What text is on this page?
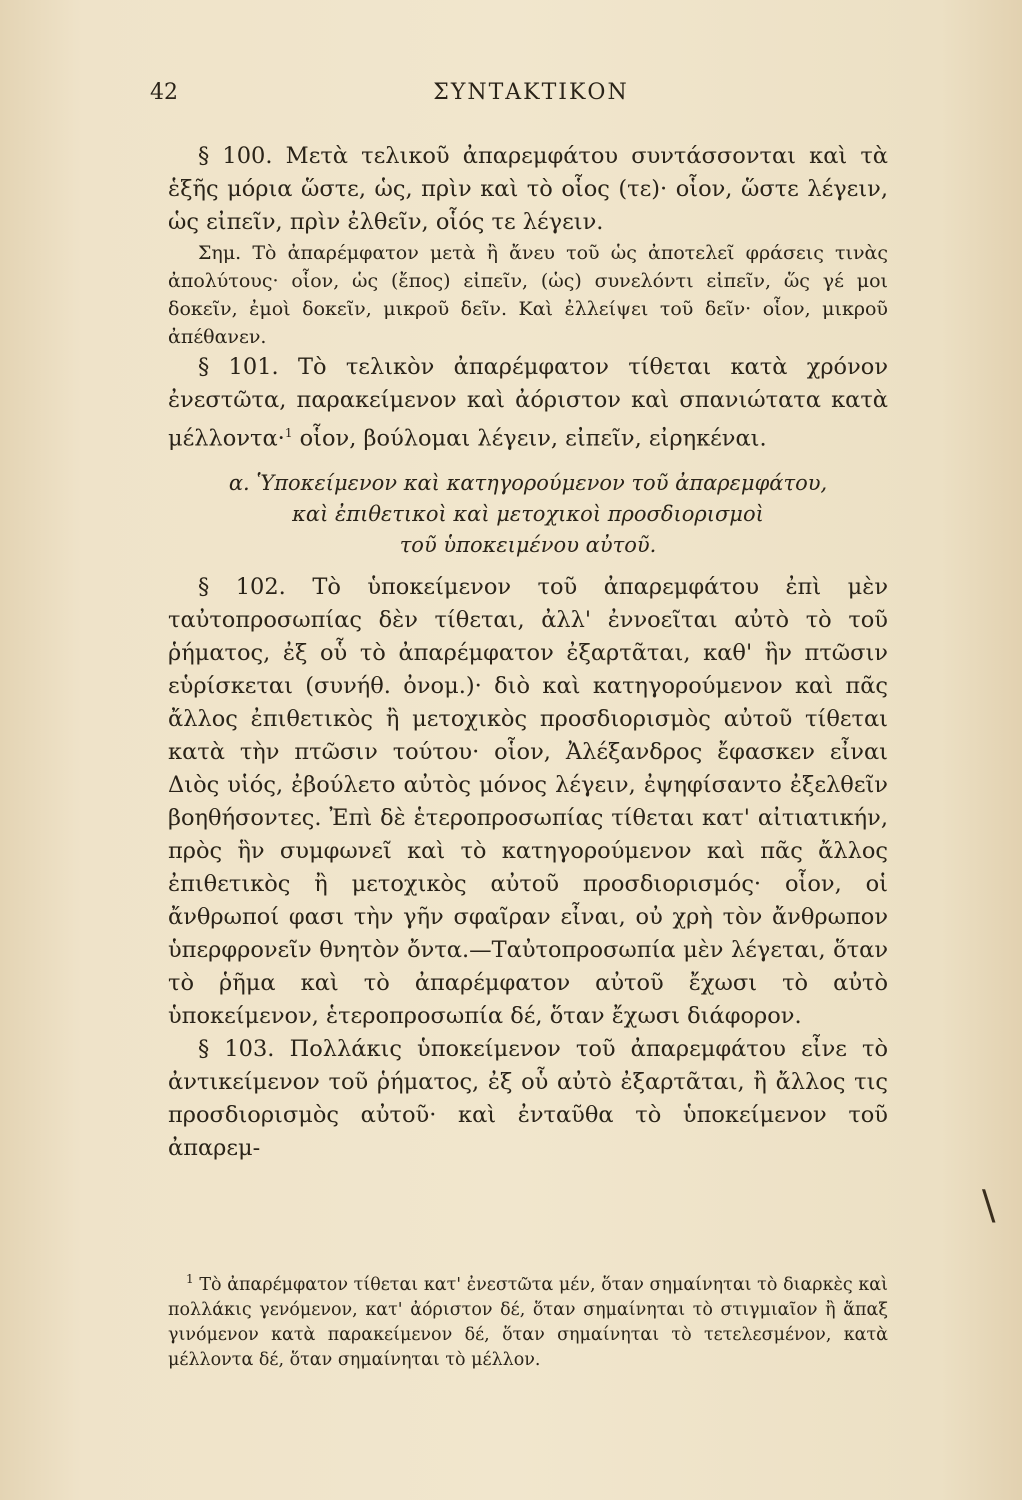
42	ΣΥΝΤΑΚΤΙΚΟΝ

§ 100. Μετὰ τελικοῦ ἀπαρεμφάτου συντάσσονται καὶ τὰ ἑξῆς μόρια ὥστε, ὡς, πρὶν καὶ τὸ οἷος (τε)· οἷον, ὥστε λέγειν, ὡς εἰπεῖν, πρὶν ἐλθεῖν, οἷός τε λέγειν.

Σημ. Τὸ ἀπαρέμφατον μετὰ ἢ ἄνευ τοῦ ὡς ἀποτελεῖ φράσεις τινὰς ἀπολύτους· οἷον, ὡς (ἔπος) εἰπεῖν, (ὡς) συνελόντι εἰπεῖν, ὥς γέ μοι δοκεῖν, ἐμοὶ δοκεῖν, μικροῦ δεῖν. Καὶ ἐλλείψει τοῦ δεῖν· οἷον, μικροῦ ἀπέθανεν.

§ 101. Τὸ τελικὸν ἀπαρέμφατον τίθεται κατὰ χρόνον ἐνεστῶτα, παρακείμενον καὶ ἀόριστον καὶ σπανιώτατα κατὰ μέλλοντα·$^1$ οἷον, βούλομαι λέγειν, εἰπεῖν, εἰρηκέναι.

α. Ὑποκείμενον καὶ κατηγορούμενον τοῦ ἀπαρεμφάτου,
καὶ ἐπιθετικοὶ καὶ μετοχικοὶ προσδιορισμοὶ
τοῦ ὑποκειμένου αὐτοῦ.

§ 102. Τὸ ὑποκείμενον τοῦ ἀπαρεμφάτου ἐπὶ μὲν ταὐτοπροσωπίας δὲν τίθεται, ἀλλ' ἐννοεῖται αὐτὸ τὸ τοῦ ῥήματος, ἐξ οὗ τὸ ἀπαρέμφατον ἐξαρτᾶται, καθ' ἣν πτῶσιν εὑρίσκεται (συνήθ. ὀνομ.)· διὸ καὶ κατηγορούμενον καὶ πᾶς ἄλλος ἐπιθετικὸς ἢ μετοχικὸς προσδιορισμὸς αὐτοῦ τίθεται κατὰ τὴν πτῶσιν τούτου· οἷον, Ἀλέξανδρος ἔφασκεν εἶναι Διὸς υἱός, ἐβούλετο αὐτὸς μόνος λέγειν, ἐψηφίσαντο ἐξελθεῖν βοηθήσοντες. Ἐπὶ δὲ ἑτεροπροσωπίας τίθεται κατ' αἰτιατικήν, πρὸς ἣν συμφωνεῖ καὶ τὸ κατηγορούμενον καὶ πᾶς ἄλλος ἐπιθετικὸς ἢ μετοχικὸς αὐτοῦ προσδιορισμός· οἷον, οἱ ἄνθρωποί φασι τὴν γῆν σφαῖραν εἶναι, οὐ χρὴ τὸν ἄνθρωπον ὑπερφρονεῖν θνητὸν ὄντα.—Ταὐτοπροσωπία μὲν λέγεται, ὅταν τὸ ῥῆμα καὶ τὸ ἀπαρέμφατον αὐτοῦ ἔχωσι τὸ αὐτὸ ὑποκείμενον, ἑτεροπροσωπία δέ, ὅταν ἔχωσι διάφορον.

§ 103. Πολλάκις ὑποκείμενον τοῦ ἀπαρεμφάτου εἶνε τὸ ἀντικείμενον τοῦ ῥήματος, ἐξ οὗ αὐτὸ ἐξαρτᾶται, ἢ ἄλλος τις προσδιορισμὸς αὐτοῦ· καὶ ἐνταῦθα τὸ ὑποκείμενον τοῦ ἀπαρεμ-

$^1$ Τὸ ἀπαρέμφατον τίθεται κατ' ἐνεστῶτα μέν, ὅταν σημαίνηται τὸ διαρκὲς καὶ πολλάκις γενόμενον, κατ' ἀόριστον δέ, ὅταν σημαίνηται τὸ στιγμιαῖον ἢ ἅπαξ γινόμενον κατὰ παρακείμενον δέ, ὅταν σημαίνηται τὸ τετελεσμένον, κατὰ μέλλοντα δέ, ὅταν σημαίνηται τὸ μέλλον.

\
